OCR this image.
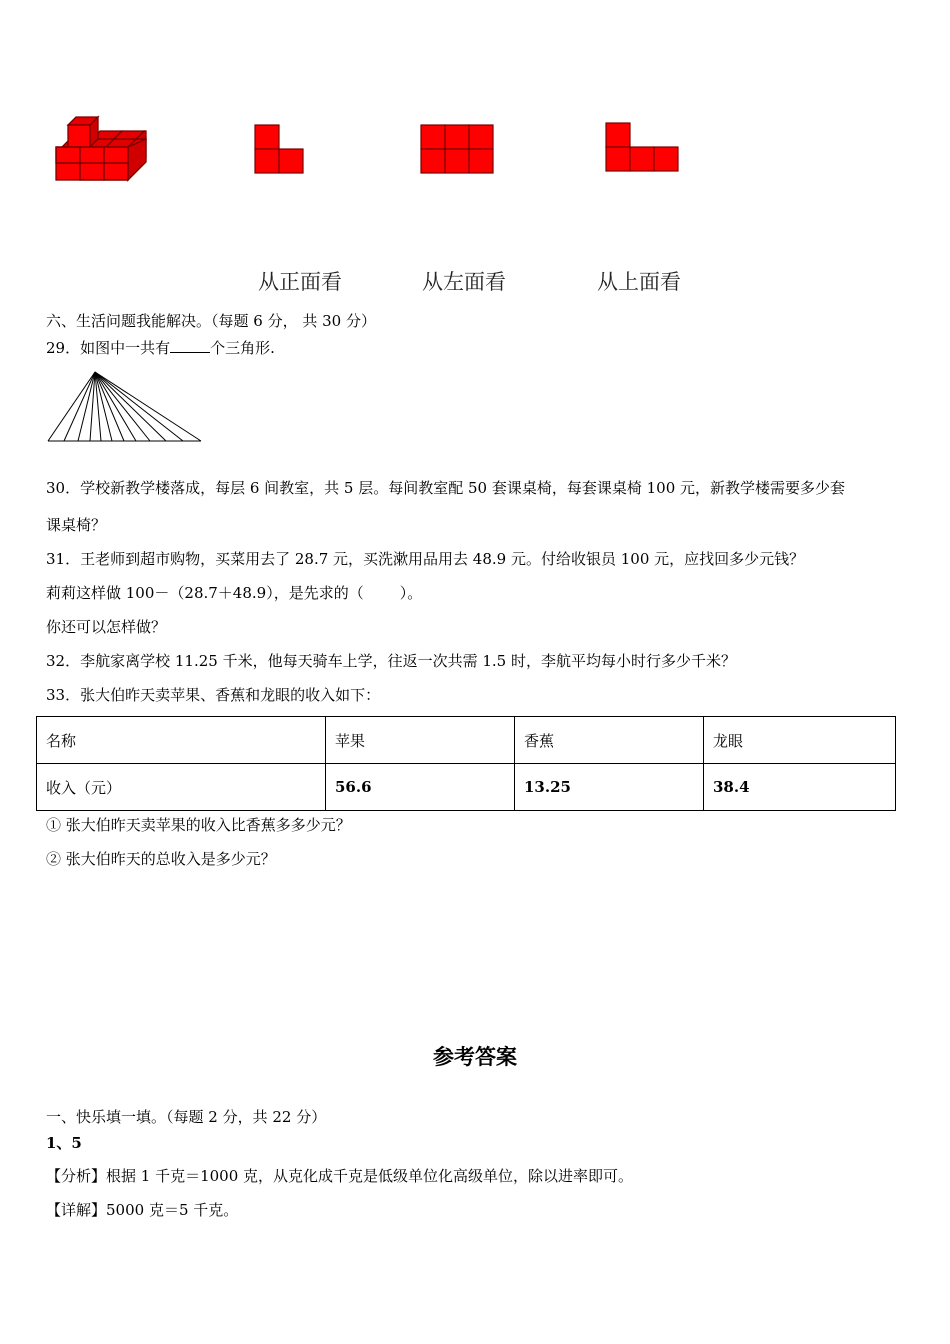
从正面看	从左面看	从上面看
六、生活问题我能解决。（每题 6 分， 共 30 分）
29．如图中一共有	个三角形.
30．学校新教学楼落成，每层 6 间教室，共 5 层。每间教室配 50 套课桌椅，每套课桌椅 100 元，新教学楼需要多少套
课桌椅？
31．王老师到超市购物，买菜用去了 28.7 元，买洗漱用品用去 48.9 元。付给收银员 100 元，应找回多少元钱？
莉莉这样做 100－（28.7＋48.9），是先求的（ ）。
你还可以怎样做？
32．李航家离学校 11.25 千米，他每天骑车上学，往返一次共需 1.5 时，李航平均每小时行多少千米？
33．张大伯昨天卖苹果、香蕉和龙眼的收入如下：
名称	苹果	香蕉	龙眼
收入（元）	56.6	13.25	38.4
① 张大伯昨天卖苹果的收入比香蕉多多少元？
② 张大伯昨天的总收入是多少元？
参考答案
一、快乐填一填。（每题 2 分，共 22 分）
1、5
【分析】根据 1 千克＝1000 克，从克化成千克是低级单位化高级单位，除以进率即可。
【详解】5000 克＝5 千克。
